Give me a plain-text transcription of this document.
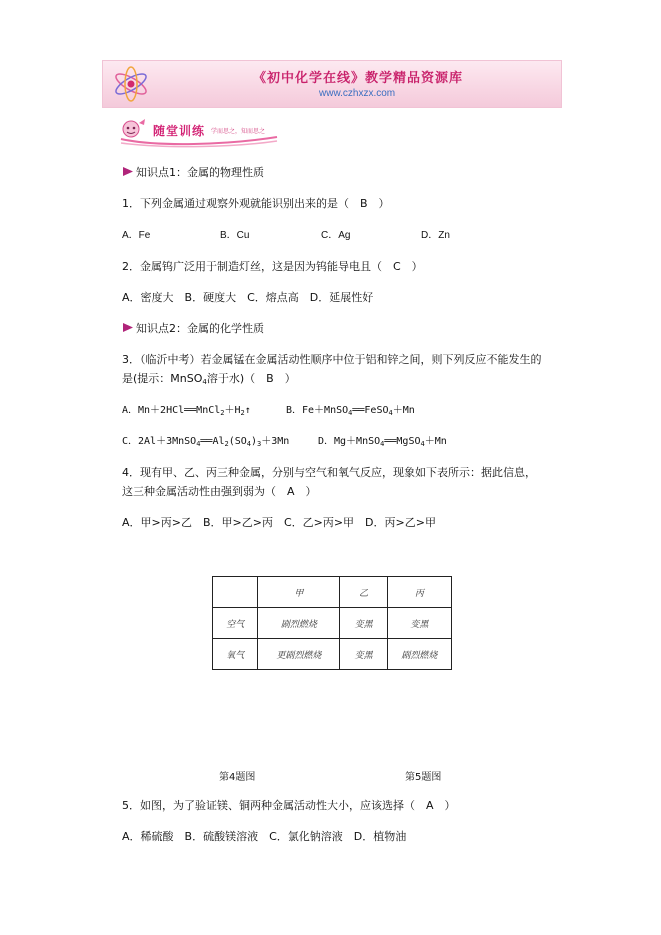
《初中化学在线》教学精品资源库
www.czhxzx.com
随堂训练 学而思之，知而思之
知识点1：金属的物理性质
1．下列金属通过观察外观就能识别出来的是（　B　）
A．Fe	B．Cu	C．Ag	D．Zn
2．金属钨广泛用于制造灯丝，这是因为钨能导电且（　C　）
A．密度大　B．硬度大　C．熔点高　D．延展性好
知识点2：金属的化学性质
3．（临沂中考）若金属锰在金属活动性顺序中位于铝和锌之间，则下列反应不能发生的
是(提示：MnSO4溶于水)（　B　）
A．$Mn+2HCl══MnCl_2+H_2↑$	B．Fe＋MnSO$_4$══FeSO$_4$＋Mn
C．$2Al+3MnSO_4══Al_2(SO_4)_3+3Mn$	D．Mg＋MnSO$_4$══MgSO$_4$＋Mn
4．现有甲、乙、丙三种金属，分别与空气和氧气反应，现象如下表所示：据此信息，
这三种金属活动性由强到弱为（　A　）
A．甲>丙>乙　B．甲>乙>丙　C．乙>丙>甲　D．丙>乙>甲
	甲	乙	丙
空气	剧烈燃烧	变黑	变黑
氧气	更剧烈燃烧	变黑	剧烈燃烧
第4题图	第5题图
5．如图，为了验证镁、铜两种金属活动性大小，应该选择（　A　）
A．稀硫酸　B．硫酸镁溶液　C．氯化钠溶液　D．植物油
